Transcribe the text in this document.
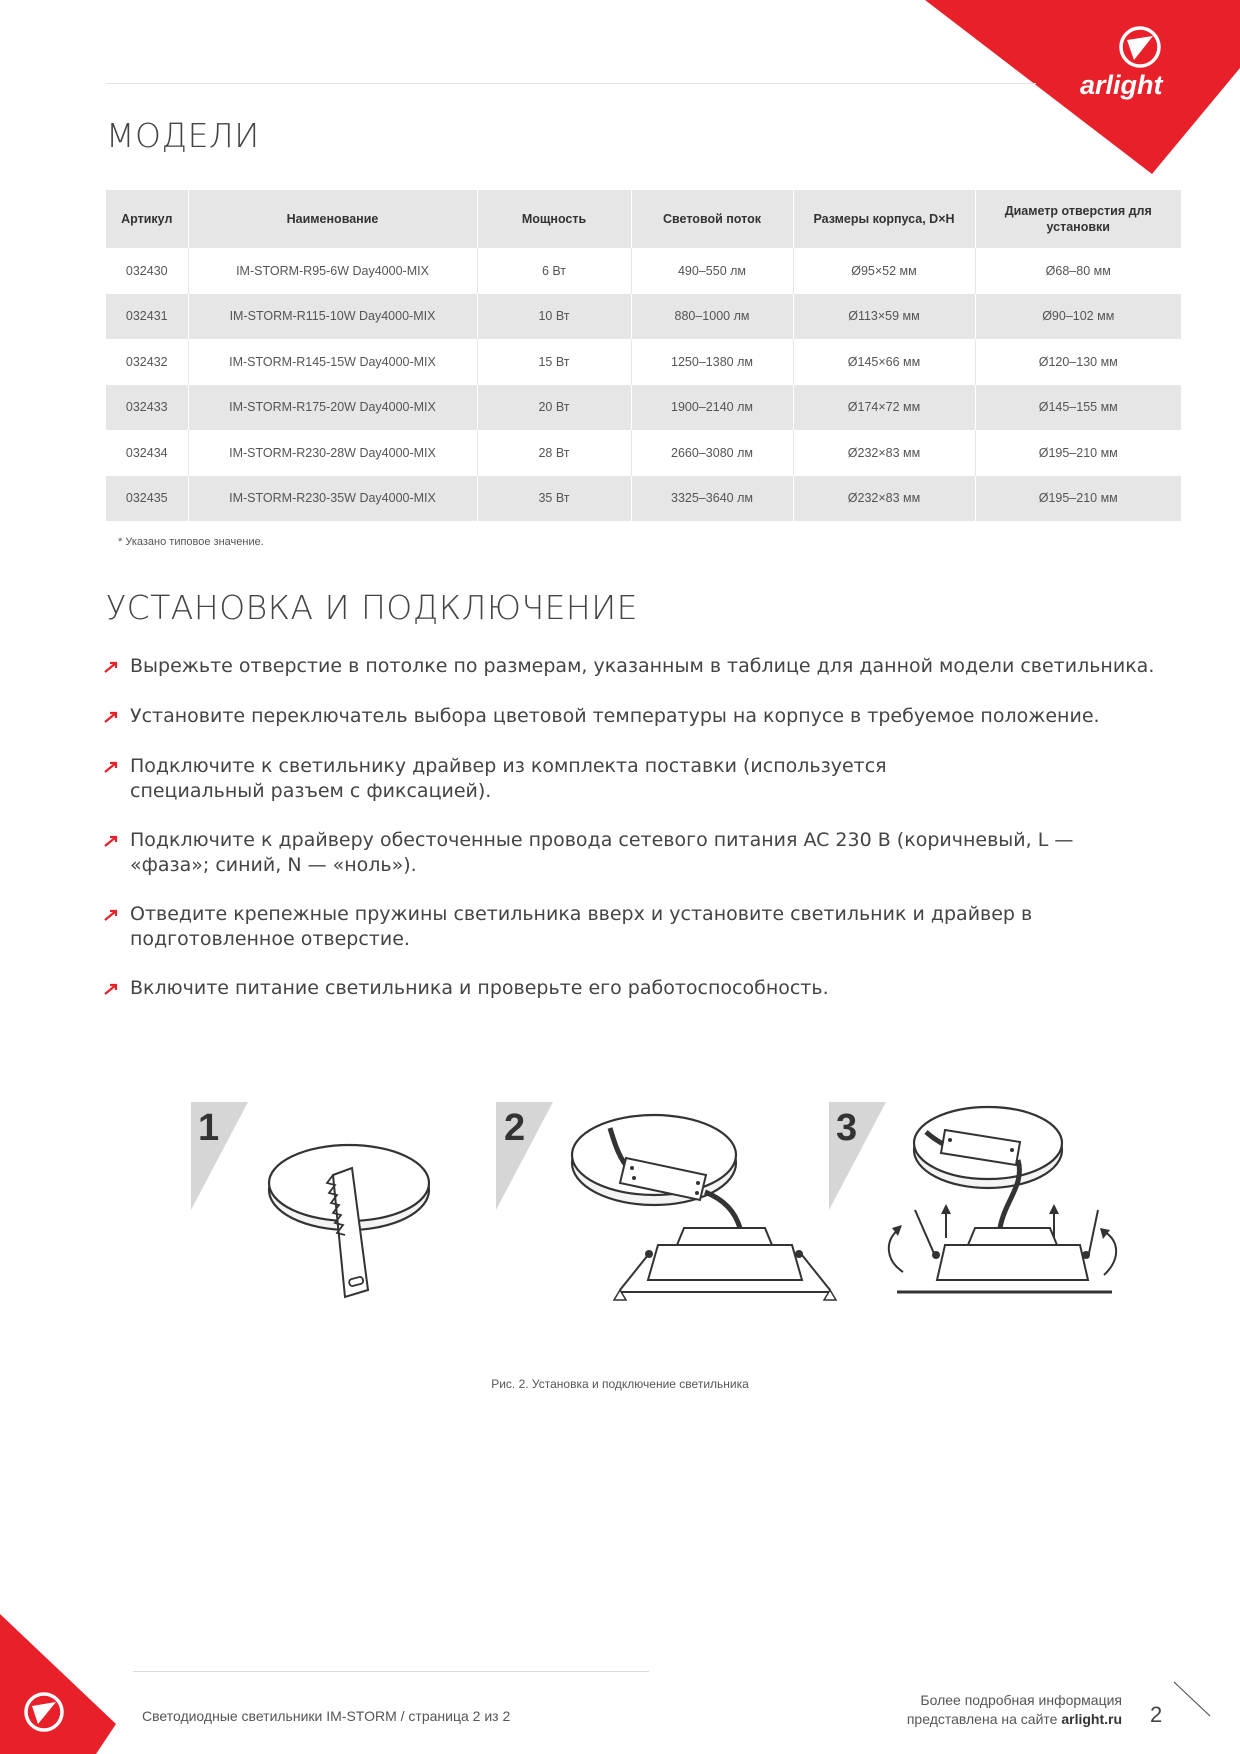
arlight
МОДЕЛИ
Артикул	Наименование	Мощность	Световой поток	Размеры корпуса, D×H	Диаметр отверстия для установки
032430	IM-STORM-R95-6W Day4000-MIX	6 Вт	490–550 лм	Ø95×52 мм	Ø68–80 мм
032431	IM-STORM-R115-10W Day4000-MIX	10 Вт	880–1000 лм	Ø113×59 мм	Ø90–102 мм
032432	IM-STORM-R145-15W Day4000-MIX	15 Вт	1250–1380 лм	Ø145×66 мм	Ø120–130 мм
032433	IM-STORM-R175-20W Day4000-MIX	20 Вт	1900–2140 лм	Ø174×72 мм	Ø145–155 мм
032434	IM-STORM-R230-28W Day4000-MIX	28 Вт	2660–3080 лм	Ø232×83 мм	Ø195–210 мм
032435	IM-STORM-R230-35W Day4000-MIX	35 Вт	3325–3640 лм	Ø232×83 мм	Ø195–210 мм
* Указано типовое значение.
УСТАНОВКА И ПОДКЛЮЧЕНИЕ
Вырежьте отверстие в потолке по размерам, указанным в таблице для данной модели светильника.
Установите переключатель выбора цветовой температуры на корпусе в требуемое положение.
Подключите к светильнику драйвер из комплекта поставки (используется специальный разъем с фиксацией).
Подключите к драйверу обесточенные провода сетевого питания AC 230 В (коричневый, L — «фаза»; синий, N — «ноль»).
Отведите крепежные пружины светильника вверх и установите светильник и драйвер в подготовленное отверстие.
Включите питание светильника и проверьте его работоспособность.
1	2	3
Рис. 2. Установка и подключение светильника
Светодиодные светильники IM-STORM / страница 2 из 2
Более подробная информация
представлена на сайте arlight.ru 2
